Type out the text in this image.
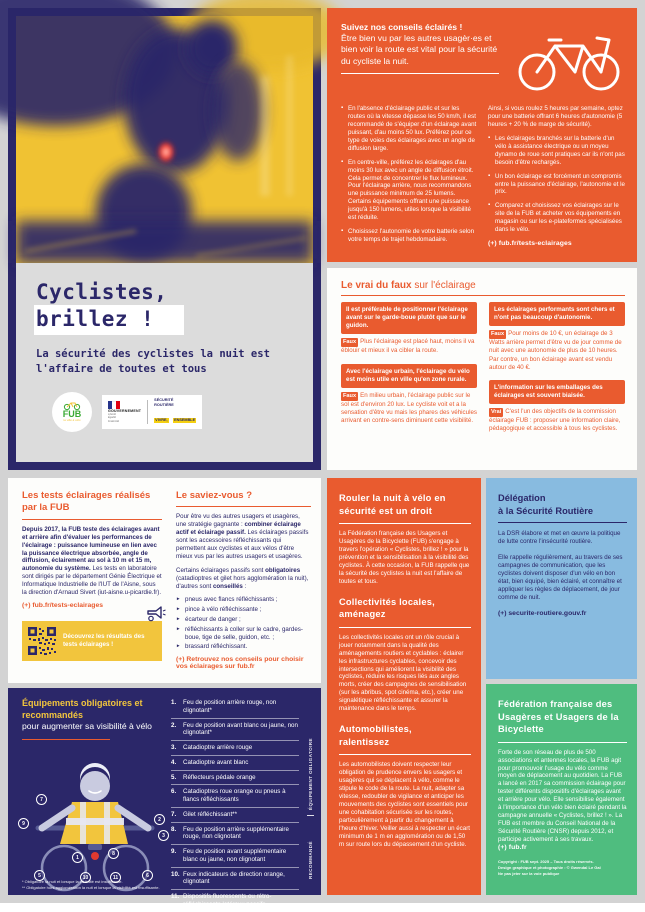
Cyclistes,
brillez !
La sécurité des cyclistes la nuit est l'affaire de toutes et tous
FUB
la ville à vélo
GOUVERNEMENT
Liberté
Égalité
Fraternité
SÉCURITÉ
ROUTIÈRE
VIVRE, ENSEMBLE
Suivez nos conseils éclairés !
Être bien vu par les autres usagèr·es et bien voir la route est vital pour la sécurité du cycliste la nuit.
▪ En l'absence d'éclairage public et sur les routes où la vitesse dépasse les 50 km/h, il est recommandé de s'équiper d'un éclairage avant puissant, d'au moins 50 lux. Préférez pour ce type de voies des éclairages avec un angle de diffusion large.
▪ En centre-ville, préférez les éclairages d'au moins 30 lux avec un angle de diffusion étroit. Cela permet de concentrer le flux lumineux. Pour l'éclairage arrière, nous recommandons une puissance minimum de 25 lumens. Certains équipements offrant une puissance jusqu'à 150 lumens, utiles lorsque la visibilité est réduite.
▪ Choisissez l'autonomie de votre batterie selon votre temps de trajet hebdomadaire.
Ainsi, si vous roulez 5 heures par semaine, optez pour une batterie offrant 6 heures d'autonomie (5 heures + 20 % de marge de sécurité).
▪ Les éclairages branchés sur la batterie d'un vélo à assistance électrique ou un moyeu dynamo de roue sont pratiques car ils n'ont pas besoin d'être rechargés.
▪ Un bon éclairage est forcément un compromis entre la puissance d'éclairage, l'autonomie et le prix.
▪ Comparez et choisissez vos éclairages sur le site de la FUB et acheter vos équipements en magasin ou sur les e-plateformes spécialisées dans le vélo.
(+) fub.fr/tests-eclairages
Le vrai du faux sur l'éclairage
Il est préférable de positionner l'éclairage avant sur le garde-boue plutôt que sur le guidon.
Faux Plus l'éclairage est placé haut, moins il va éblouir et mieux il va cibler la route.
Avec l'éclairage urbain, l'éclairage du vélo est moins utile en ville qu'en zone rurale.
Faux En milieu urbain, l'éclairage public sur le sol est d'environ 20 lux. Le cycliste voit et a la sensation d'être vu mais les phares des véhicules arrivant en contre-sens diminuent cette visibilité.
Les éclairages performants sont chers et n'ont pas beaucoup d'autonomie.
Faux Pour moins de 10 €, un éclairage de 3 Watts arrière permet d'être vu de jour comme de nuit avec une autonomie de plus de 10 heures. Par contre, un bon éclairage avant est vendu autour de 40 €.
L'information sur les emballages des éclairages est souvent biaisée.
Vrai C'est l'un des objectifs de la commission éclairage FUB : proposer une information claire, pédagogique et accessible à tous les cyclistes.
Les tests éclairages réalisés par la FUB
Depuis 2017, la FUB teste des éclairages avant et arrière afin d'évaluer les performances de l'éclairage : puissance lumineuse en lien avec la puissance électrique absorbée, angle de diffusion, éclairement au sol à 10 m et 15 m, autonomie du système. Les tests en laboratoire sont dirigés par le département Génie Électrique et Informatique Industrielle de l'IUT de l'Aisne, sous la direction d'Arnaud Sivert (iut-aisne.u-picardie.fr).
(+) fub.fr/tests-eclairages
Découvrez les résultats des tests éclairages !
Le saviez-vous ?
Pour être vu des autres usagers et usagères, une stratégie gagnante : combiner éclairage actif et éclairage passif. Les éclairages passifs sont les accessoires réfléchissants qui permettent aux cyclistes et aux vélos d'être mieux vus par les autres usagers et usagères.
Certains éclairages passifs sont obligatoires (catadioptres et gilet hors agglomération la nuit), d'autres sont conseillés :
► pneus avec flancs réfléchissants ;
► pince à vélo réfléchissante ;
► écarteur de danger ;
► réfléchissants à coller sur le cadre, gardes-boue, tige de selle, guidon, etc. ;
► brassard réfléchissant.
(+) Retrouvez nos conseils pour choisir vos éclairages sur fub.fr
Équipements obligatoires et recommandés
pour augmenter sa visibilité à vélo
7
9
2
3
8
1
5	6
10	11
1.	Feu de position arrière rouge, non clignotant*
2.	Feu de position avant blanc ou jaune, non clignotant*
3.	Catadioptre arrière rouge
4.	Catadioptre avant blanc
5.	Réflecteurs pédale orange
6.	Catadioptres roue orange ou pneus à flancs réfléchissants
7.	Gilet réfléchissant**
8.	Feu de position arrière supplémentaire rouge, non clignotant
9.	Feu de position avant supplémentaire blanc ou jaune, non clignotant
10. Feux indicateurs de direction orange, clignotant
11. Dispositifs fluorescents ou rétro-réfléchissants latéraux passifs
ÉQUIPEMENT OBLIGATOIRE
RECOMMANDÉ
* Obligatoire la nuit et lorsque la visibilité est insuffisante.
** Obligatoire hors agglomération la nuit et lorsque la visibilité est insuffisante.
Rouler la nuit à vélo en sécurité est un droit
La Fédération française des Usagers et Usagères de la Bicyclette (FUB) s'engage à travers l'opération « Cyclistes, brillez ! » pour la prévention et la sensibilisation à la visibilité des cyclistes. À cette occasion, la FUB rappelle que la sécurité des cyclistes la nuit est l'affaire de toutes et tous.
Collectivités locales, aménagez
Les collectivités locales ont un rôle crucial à jouer notamment dans la qualité des aménagements routiers et cyclables : éclairer les infrastructures cyclables, concevoir des intersections qui améliorent la visibilité des cyclistes, réduire les risques liés aux angles morts, créer des campagnes de sensibilisation (sur les abribus, spot cinéma, etc.), créer une signalétique réfléchissante et assurer la maintenance dans le temps.
Automobilistes,
ralentissez
Les automobilistes doivent respecter leur obligation de prudence envers les usagers et usagères qui se déplacent à vélo, comme le stipule le code de la route. La nuit, adapter sa vitesse, redoubler de vigilance et anticiper les mouvements des cyclistes sont essentiels pour une cohabitation sécurisée sur les routes, particulièrement à partir du changement à l'heure d'hiver. Veiller aussi à respecter un écart minimum de 1 m en agglomération ou de 1,50 m sur route lors du dépassement d'un cycliste.
Délégation
à la Sécurité Routière
La DSR élabore et met en œuvre la politique de lutte contre l'insécurité routière.
Elle rappelle régulièrement, au travers de ses campagnes de communication, que les cyclistes doivent disposer d'un vélo en bon état, bien équipé, bien éclairé, et connaître et appliquer les règles de déplacement, de jour comme de nuit.
(+) securite-routiere.gouv.fr
Fédération française des Usagères et Usagers de la Bicyclette
Forte de son réseau de plus de 500 associations et antennes locales, la FUB agit pour promouvoir l'usage du vélo comme moyen de déplacement au quotidien. La FUB a lancé en 2017 sa commission éclairage pour tester différents dispositifs d'éclairages avant et arrière pour vélo. Elle sensibilise également à l'importance d'un vélo bien éclairé pendant la campagne annuelle « Cyclistes, brillez ! ». La FUB est membre du Conseil National de la Sécurité Routière (CNSR) depuis 2012, et participe activement à ses travaux.
(+) fub.fr
Copyright : FUB sept. 2025 – Tous droits réservés.
Design graphique et photographie : © Gwendal Le Gal
Ne pas jeter sur la voie publique
